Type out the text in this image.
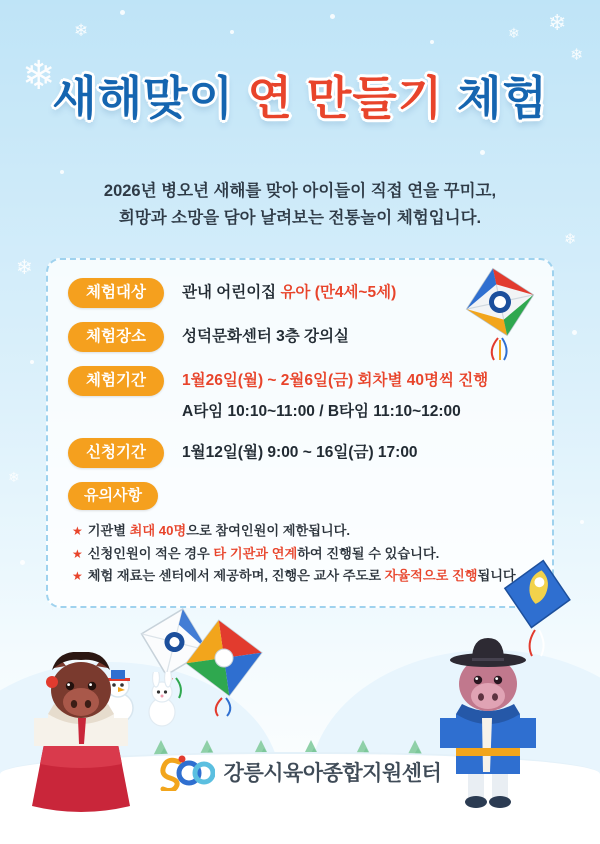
❄
❄	❄
❄
❄
❄
❄
❄
새해맞이 연 만들기 체험
2026년 병오년 새해를 맞아 아이들이 직접 연을 꾸미고,
희망과 소망을 담아 날려보는 전통놀이 체험입니다.
체험대상	관내 어린이집 유아 (만4세~5세)
체험장소	성덕문화센터 3층 강의실
체험기간	1월26일(월) ~ 2월6일(금) 회차별 40명씩 진행
A타임 10:10~11:00 / B타임 11:10~12:00
신청기간	1월12일(월) 9:00 ~ 16일(금) 17:00
유의사항
★ 기관별 최대 40명으로 참여인원이 제한됩니다.
★ 신청인원이 적은 경우 타 기관과 연계하여 진행될 수 있습니다.
★ 체험 재료는 센터에서 제공하며, 진행은 교사 주도로 자율적으로 진행됩니다
강릉시육아종합지원센터
